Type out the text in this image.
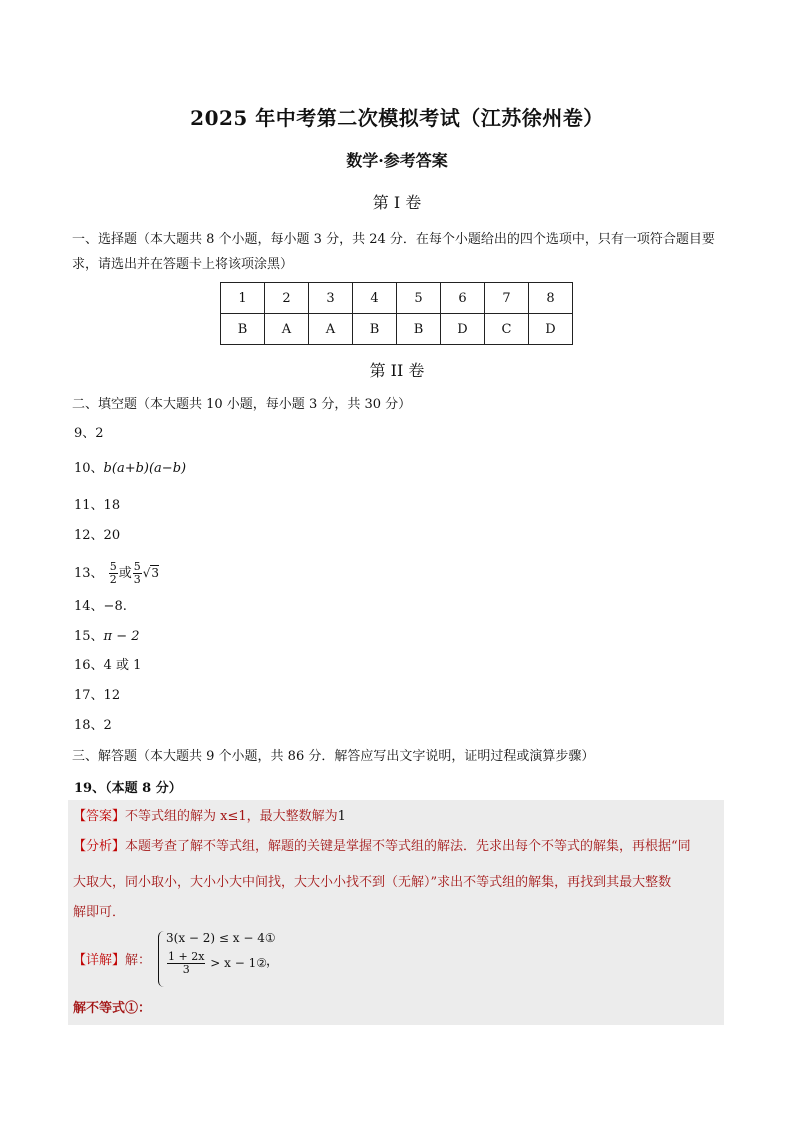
2025 年中考第二次模拟考试（江苏徐州卷）
数学·参考答案
第 I 卷
一、选择题（本大题共 8 个小题，每小题 3 分，共 24 分．在每个小题给出的四个选项中，只有一项符合题目要求，请选出并在答题卡上将该项涂黑）
1	2	3	4	5	6	7	8
B	A	A	B	B	D	C	D
第 II 卷
二、填空题（本大题共 10 小题，每小题 3 分，共 30 分）
9、2
10、b(a+b)(a−b)
11、18
12、20
13、 $\frac{5}{2}$ 或 $\frac{5}{3} √3$
14、−8.
15、π − 2
16、4 或 1
17、12
18、2
三、解答题（本大题共 9 个小题，共 86 分．解答应写出文字说明，证明过程或演算步骤）
19、（本题 8 分）
【答案】不等式组的解为 x≤1，最大整数解为1
【分析】本题考查了解不等式组，解题的关键是掌握不等式组的解法．先求出每个不等式的解集，再根据“同
大取大，同小取小，大小小大中间找，大大小小找不到（无解）”求出不等式组的解集，再找到其最大整数
解即可．
【详解】解：
3(x − 2) ≤ x − 4①
$\frac{1 + 2x}{3} > x$ − 1② ，
解不等式①：
